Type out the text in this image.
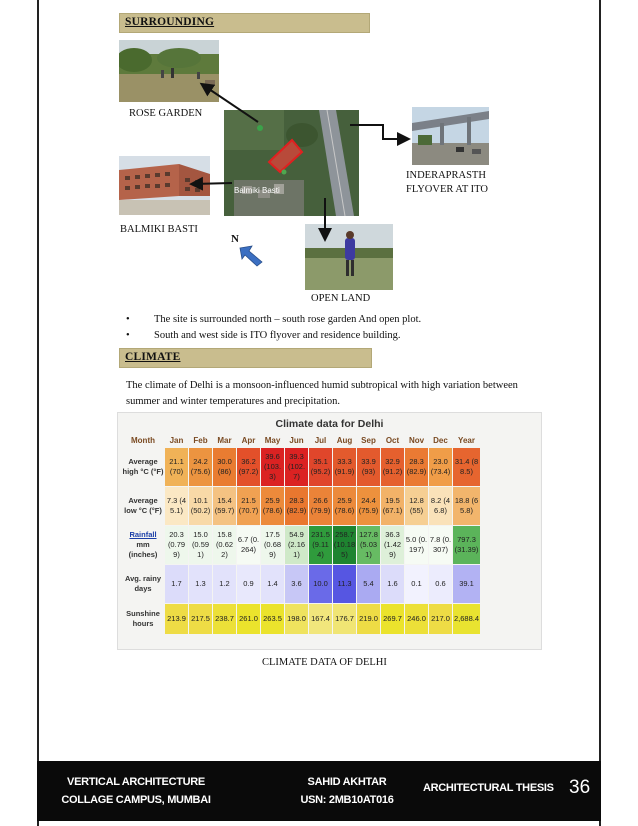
SURROUNDING
ROSE GARDEN
Balmiki Basti
INDERAPRASTH
FLYOVER AT ITO
BALMIKI BASTI
OPEN LAND
N
•	The site is surrounded north – south rose garden And open plot.
•	South and west side is ITO flyover and residence building.
CLIMATE
The climate of Delhi is a monsoon-influenced humid subtropical with high variation between summer and winter temperatures and precipitation.
Climate data for Delhi
Month	Jan	Feb	Mar	Apr	May	Jun	Jul	Aug	Sep	Oct	Nov	Dec	Year
Average high °C (°F)	21.1 (70)	24.2 (75.6)	30.0 (86)	36.2 (97.2)	39.6 (103.3)	39.3 (102.7)	35.1 (95.2)	33.3 (91.9)	33.9 (93)	32.9 (91.2)	28.3 (82.9)	23.0 (73.4)	31.4 (88.5)
Average low °C (°F)	7.3 (45.1)	10.1 (50.2)	15.4 (59.7)	21.5 (70.7)	25.9 (78.6)	28.3 (82.9)	26.6 (79.9)	25.9 (78.6)	24.4 (75.9)	19.5 (67.1)	12.8 (55)	8.2 (46.8)	18.8 (65.8)
Rainfall
mm (inches)	20.3 (0.799)	15.0 (0.591)	15.8 (0.622)	6.7 (0.264)	17.5 (0.689)	54.9 (2.161)	231.5 (9.114)	258.7 (10.185)	127.8 (5.031)	36.3 (1.429)	5.0 (0.197)	7.8 (0.307)	797.3 (31.39)
Avg. rainy days	1.7	1.3	1.2	0.9	1.4	3.6	10.0	11.3	5.4	1.6	0.1	0.6	39.1
Sunshine hours	213.9	217.5	238.7	261.0	263.5	198.0	167.4	176.7	219.0	269.7	246.0	217.0	2,688.4
CLIMATE DATA OF DELHI
VERTICAL ARCHITECTURE
COLLAGE CAMPUS, MUMBAI
SAHID AKHTAR
USN: 2MB10AT016
ARCHITECTURAL THESIS 36
